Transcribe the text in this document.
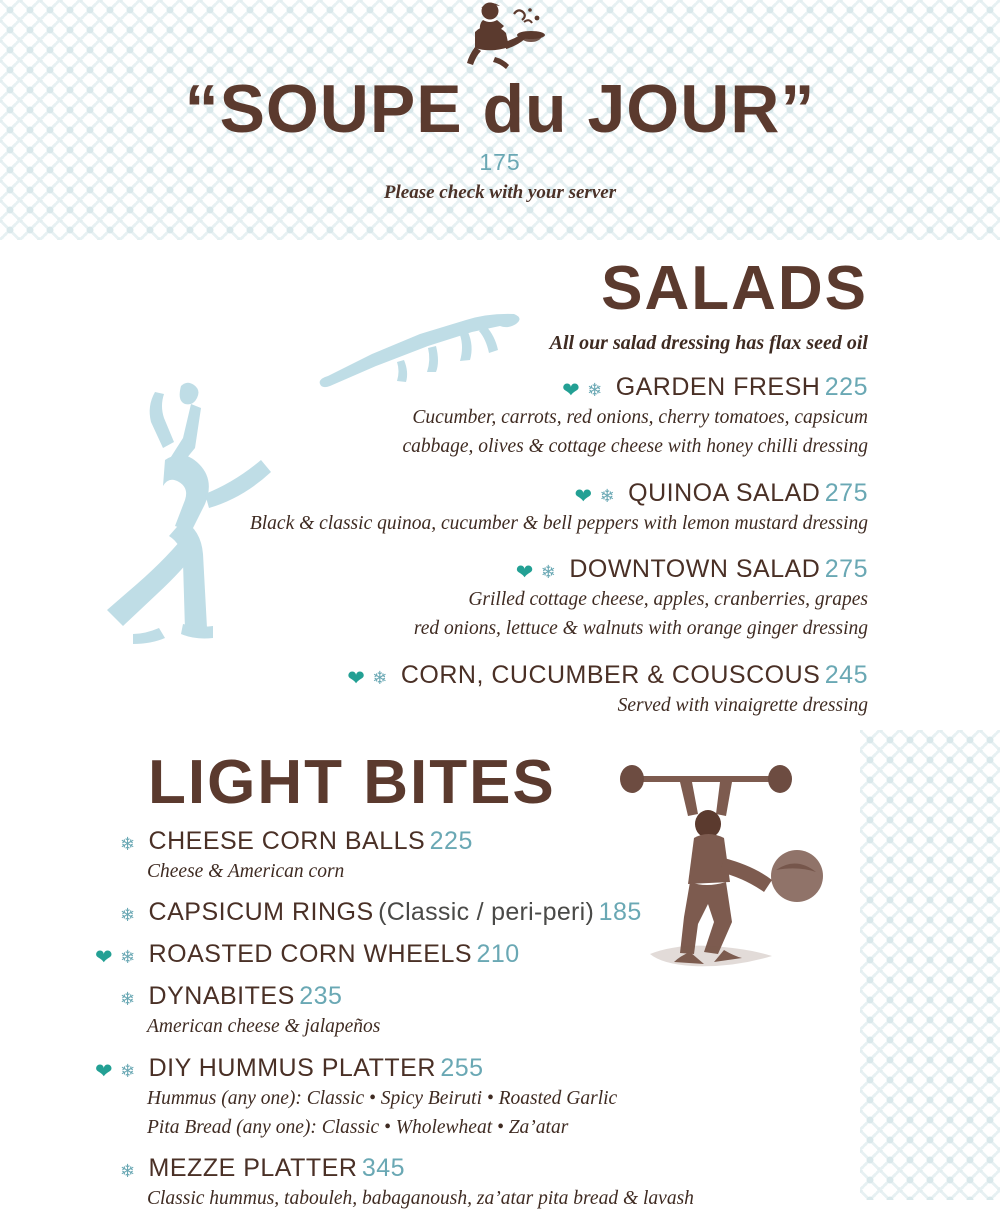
“SOUPE du JOUR”
175
Please check with your server
SALADS
All our salad dressing has flax seed oil
❤ ❄ GARDEN FRESH 225
Cucumber, carrots, red onions, cherry tomatoes, capsicum
cabbage, olives & cottage cheese with honey chilli dressing
❤ ❄ QUINOA SALAD 275
Black & classic quinoa, cucumber & bell peppers with lemon mustard dressing
❤ ❄ DOWNTOWN SALAD 275
Grilled cottage cheese, apples, cranberries, grapes
red onions, lettuce & walnuts with orange ginger dressing
❤ ❄ CORN, CUCUMBER & COUSCOUS 245
Served with vinaigrette dressing
LIGHT BITES
❄ CHEESE CORN BALLS 225
Cheese & American corn
❄ CAPSICUM RINGS (Classic / peri-peri) 185
❤ ❄ ROASTED CORN WHEELS 210
❄ DYNABITES 235
American cheese & jalapeños
❤ ❄ DIY HUMMUS PLATTER 255
Hummus (any one): Classic • Spicy Beiruti • Roasted Garlic
Pita Bread (any one): Classic • Wholewheat • Za’atar
❄ MEZZE PLATTER 345
Classic hummus, tabouleh, babaganoush, za’atar pita bread & lavash
